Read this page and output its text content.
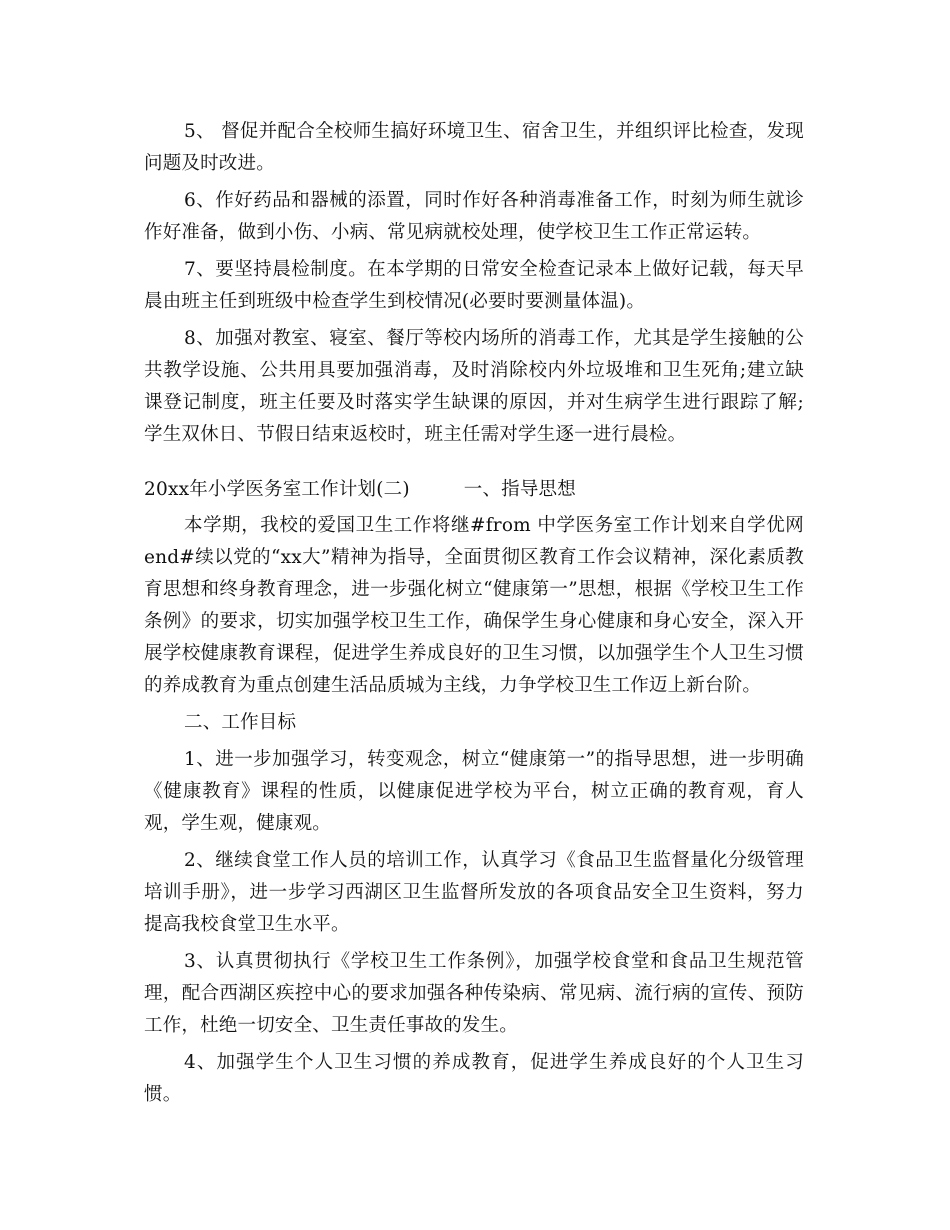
5、 督促并配合全校师生搞好环境卫生、宿舍卫生，并组织评比检查，发现问题及时改进。

6、作好药品和器械的添置，同时作好各种消毒准备工作，时刻为师生就诊作好准备，做到小伤、小病、常见病就校处理，使学校卫生工作正常运转。

7、要坚持晨检制度。在本学期的日常安全检查记录本上做好记载，每天早晨由班主任到班级中检查学生到校情况(必要时要测量体温)。

8、加强对教室、寝室、餐厅等校内场所的消毒工作，尤其是学生接触的公共教学设施、公共用具要加强消毒，及时消除校内外垃圾堆和卫生死角;建立缺课登记制度，班主任要及时落实学生缺课的原因，并对生病学生进行跟踪了解;学生双休日、节假日结束返校时，班主任需对学生逐一进行晨检。

20xx年小学医务室工作计划(二)	一、指导思想

本学期，我校的爱国卫生工作将继#from 中学医务室工作计划来自学优网 end#续以党的“xx大”精神为指导，全面贯彻区教育工作会议精神，深化素质教育思想和终身教育理念，进一步强化树立“健康第一”思想，根据《学校卫生工作条例》的要求，切实加强学校卫生工作，确保学生身心健康和身心安全，深入开展学校健康教育课程，促进学生养成良好的卫生习惯，以加强学生个人卫生习惯的养成教育为重点创建生活品质城为主线，力争学校卫生工作迈上新台阶。

二、工作目标

1、进一步加强学习，转变观念，树立“健康第一”的指导思想，进一步明确《健康教育》课程的性质，以健康促进学校为平台，树立正确的教育观，育人观，学生观，健康观。

2、继续食堂工作人员的培训工作，认真学习《食品卫生监督量化分级管理培训手册》，进一步学习西湖区卫生监督所发放的各项食品安全卫生资料，努力提高我校食堂卫生水平。

3、认真贯彻执行《学校卫生工作条例》，加强学校食堂和食品卫生规范管理，配合西湖区疾控中心的要求加强各种传染病、常见病、流行病的宣传、预防工作，杜绝一切安全、卫生责任事故的发生。

4、加强学生个人卫生习惯的养成教育，促进学生养成良好的个人卫生习惯。
